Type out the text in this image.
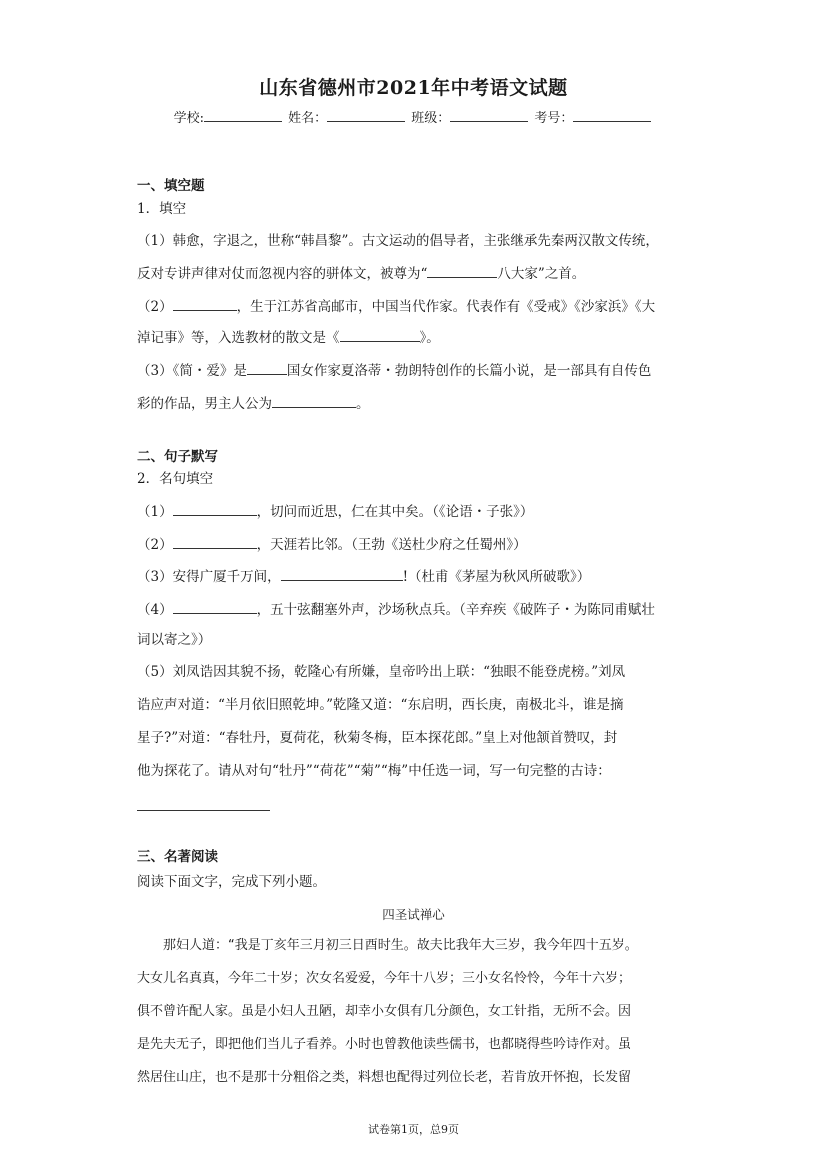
山东省德州市2021年中考语文试题
学校:	姓名：	班级：	考号：
一、填空题
1．填空
（1）韩愈，字退之，世称“韩昌黎”。古文运动的倡导者，主张继承先秦两汉散文传统，
反对专讲声律对仗而忽视内容的骈体文，被尊为“	八大家”之首。
（2）	，生于江苏省高邮市，中国当代作家。代表作有《受戒》《沙家浜》《大
淖记事》等，入选教材的散文是《	》。
（3）《简・爱》是	国女作家夏洛蒂・勃朗特创作的长篇小说，是一部具有自传色
彩的作品，男主人公为	。
二、句子默写
2．名句填空
（1）	，切问而近思，仁在其中矣。（《论语・子张》）
（2）	，天涯若比邻。（王勃《送杜少府之任蜀州》）
（3）安得广厦千万间，	!（杜甫《茅屋为秋风所破歌》）
（4）	，五十弦翻塞外声，沙场秋点兵。（辛弃疾《破阵子・为陈同甫赋壮
词以寄之》）
（5）刘凤诰因其貌不扬，乾隆心有所嫌，皇帝吟出上联：“独眼不能登虎榜。”刘凤
诰应声对道：“半月依旧照乾坤。”乾隆又道：“东启明，西长庚，南极北斗，谁是摘
星子?”对道：“春牡丹，夏荷花，秋菊冬梅，臣本探花郎。”皇上对他颔首赞叹，封
他为探花了。请从对句“牡丹”“荷花”“菊”“梅”中任选一词，写一句完整的古诗：
三、名著阅读
阅读下面文字，完成下列小题。
四圣试禅心
　　那妇人道：“我是丁亥年三月初三日酉时生。故夫比我年大三岁，我今年四十五岁。
大女儿名真真，今年二十岁；次女名爱爱，今年十八岁；三小女名怜怜，今年十六岁；
俱不曾许配人家。虽是小妇人丑陋，却幸小女俱有几分颜色，女工针指，无所不会。因
是先夫无子，即把他们当儿子看养。小时也曾教他读些儒书，也都晓得些吟诗作对。虽
然居住山庄，也不是那十分粗俗之类，料想也配得过列位长老，若肯放开怀抱，长发留
试卷第1页，总9页
